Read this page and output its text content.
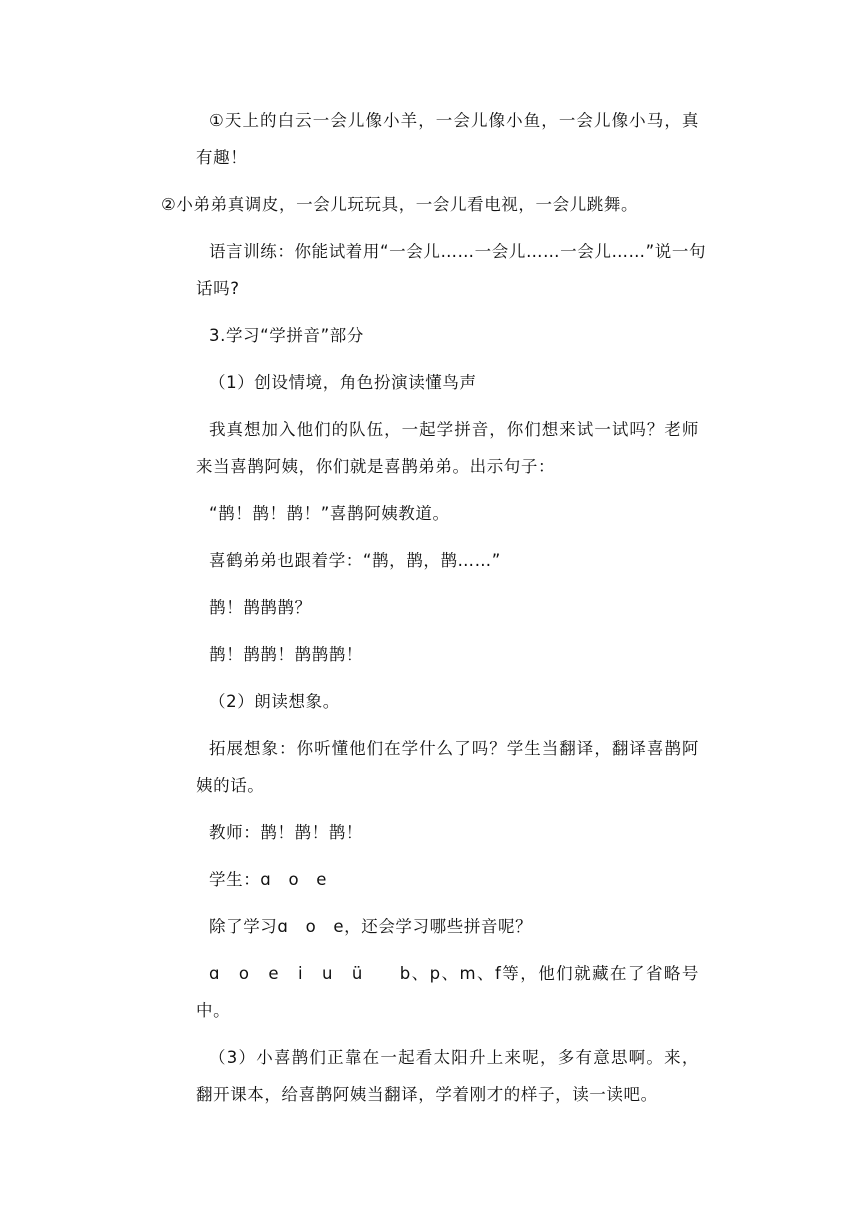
①天上的白云一会儿像小羊，一会儿像小鱼，一会儿像小马，真
有趣！
②小弟弟真调皮，一会儿玩玩具，一会儿看电视，一会儿跳舞。
语言训练：你能试着用“一会儿……一会儿……一会儿……”说一句
话吗?
3.学习“学拼音”部分
（1）创设情境，角色扮演读懂鸟声
我真想加入他们的队伍，一起学拼音，你们想来试一试吗？老师
来当喜鹊阿姨，你们就是喜鹊弟弟。出示句子：
“鹊！鹊！鹊！”喜鹊阿姨教道。
喜鹤弟弟也跟着学：“鹊，鹊，鹊……”
鹊！鹊鹊鹊？
鹊！鹊鹊！鹊鹊鹊！
（2）朗读想象。
拓展想象：你听懂他们在学什么了吗？学生当翻译，翻译喜鹊阿
姨的话。
教师：鹊！鹊！鹊！
学生：ɑ　o　e
除了学习ɑ　o　e，还会学习哪些拼音呢？
ɑ　o　e　i　u　ü　　b、p、m、f等，他们就藏在了省略号
中。
（3）小喜鹊们正靠在一起看太阳升上来呢，多有意思啊。来，
翻开课本，给喜鹊阿姨当翻译，学着刚才的样子，读一读吧。
